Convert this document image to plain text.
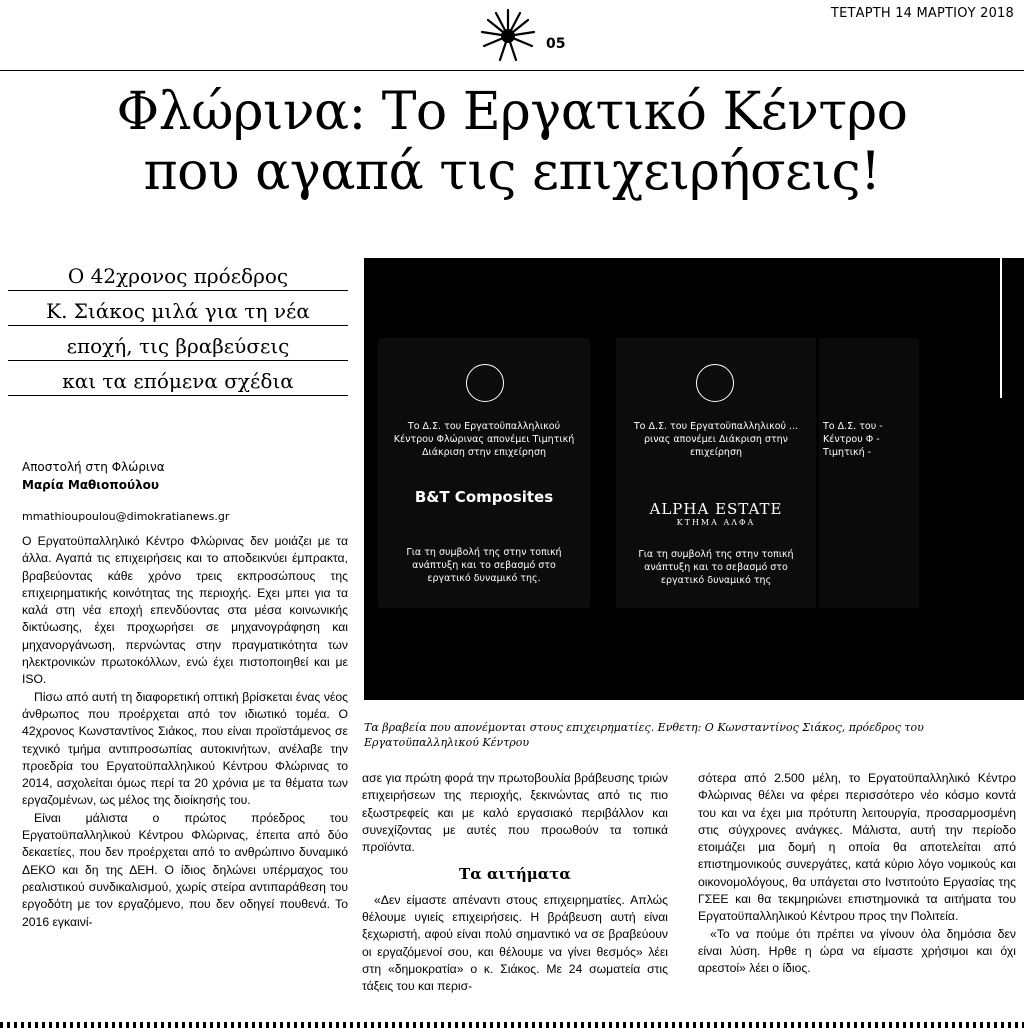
ΤΕΤΑΡΤΗ 14 ΜΑΡΤΙΟΥ 2018
05
Φλώρινα: Το Εργατικό Κέντρο
που αγαπά τις επιχειρήσεις!
Ο 42χρονος πρόεδρος
Κ. Σιάκος μιλά για τη νέα
εποχή, τις βραβεύσεις
και τα επόμενα σχέδια
Αποστολή στη Φλώρινα
Μαρία Μαθιοπούλου
mmathioupoulou@dimokratianews.gr

Ο Εργατοϋπαλληλικό Κέντρο Φλώρινας δεν μοιάζει με τα άλλα. Αγαπά τις επιχειρήσεις και το αποδεικνύει έμπρακτα, βραβεύοντας κάθε χρόνο τρεις εκπροσώπους της επιχειρηματικής κοινότητας της περιοχής. Εχει μπει για τα καλά στη νέα εποχή επενδύοντας στα μέσα κοινωνικής δικτύωσης, έχει προχωρήσει σε μηχανογράφηση και μηχανοργάνωση, περνώντας στην πραγματικότητα των ηλεκτρονικών πρωτοκόλλων, ενώ έχει πιστοποιηθεί και με ISO.

Πίσω από αυτή τη διαφορετική οπτική βρίσκεται ένας νέος άνθρωπος που προέρχεται από τον ιδιωτικό τομέα. Ο 42χρονος Κωνσταντίνος Σιάκος, που είναι προϊστάμενος σε τεχνικό τμήμα αντιπροσωπίας αυτοκινήτων, ανέλαβε την προεδρία του Εργατοϋπαλληλικού Κέντρου Φλώρινας το 2014, ασχολείται όμως περί τα 20 χρόνια με τα θέματα των εργαζομένων, ως μέλος της διοίκησής του.

Είναι μάλιστα ο πρώτος πρόεδρος του Εργατοϋπαλληλικού Κέντρου Φλώρινας, έπειτα από δύο δεκαετίες, που δεν προέρχεται από το ανθρώπινο δυναμικό ΔΕΚΟ και δη της ΔΕΗ. Ο ίδιος δηλώνει υπέρμαχος του ρεαλιστικού συνδικαλισμού, χωρίς στείρα αντιπαράθεση του εργοδότη με τον εργαζόμενο, που δεν οδηγεί πουθενά. Το 2016 εγκαινί-

Το Δ.Σ. του Εργατοϋπαλληλικού Κέντρου Φλώρινας απονέμει Τιμητική Διάκριση στην επιχείρηση
B&T Composites
Για τη συμβολή της στην τοπική ανάπτυξη και το σεβασμό στο εργατικό δυναμικό της.
Το Δ.Σ. του Εργατοϋπαλληλικού ... ρινας απονέμει Διάκριση στην επιχείρηση
ALPHA ESTATE
ΚΤΗΜΑ ΑΛΦΑ
Για τη συμβολή της στην τοπική ανάπτυξη και το σεβασμό στο εργατικό δυναμικό της
Το Δ.Σ. του - Κέντρου Φ - Τιμητική -
Τα βραβεία που απονέμονται στους επιχειρηματίες. Ενθετη: Ο Κωνσταντίνος Σιάκος, πρόεδρος του Εργατοϋπαλληλικού Κέντρου

ασε για πρώτη φορά την πρωτοβουλία βράβευσης τριών επιχειρήσεων της περιοχής, ξεκινώντας από τις πιο εξωστρεφείς και με καλό εργασιακό περιβάλλον και συνεχίζοντας με αυτές που προωθούν τα τοπικά προϊόντα.

Τα αιτήματα

«Δεν είμαστε απέναντι στους επιχειρηματίες. Απλώς θέλουμε υγιείς επιχειρήσεις. Η βράβευση αυτή είναι ξεχωριστή, αφού είναι πολύ σημαντικό να σε βραβεύουν οι εργαζόμενοί σου, και θέλουμε να γίνει θεσμός» λέει στη «δημοκρατία» ο κ. Σιάκος. Με 24 σωματεία στις τάξεις του και περισ-

σότερα από 2.500 μέλη, το Εργατοϋπαλληλικό Κέντρο Φλώρινας θέλει να φέρει περισσότερο νέο κόσμο κοντά του και να έχει μια πρότυπη λειτουργία, προσαρμοσμένη στις σύγχρονες ανάγκες. Μάλιστα, αυτή την περίοδο ετοιμάζει μια δομή η οποία θα αποτελείται από επιστημονικούς συνεργάτες, κατά κύριο λόγο νομικούς και οικονομολόγους, θα υπάγεται στο Ινστιτούτο Εργασίας της ΓΣΕΕ και θα τεκμηριώνει επιστημονικά τα αιτήματα του Εργατοϋπαλληλικού Κέντρου προς την Πολιτεία.

«Το να πούμε ότι πρέπει να γίνουν όλα δημόσια δεν είναι λύση. Ηρθε η ώρα να είμαστε χρήσιμοι και όχι αρεστοί» λέει ο ίδιος.
